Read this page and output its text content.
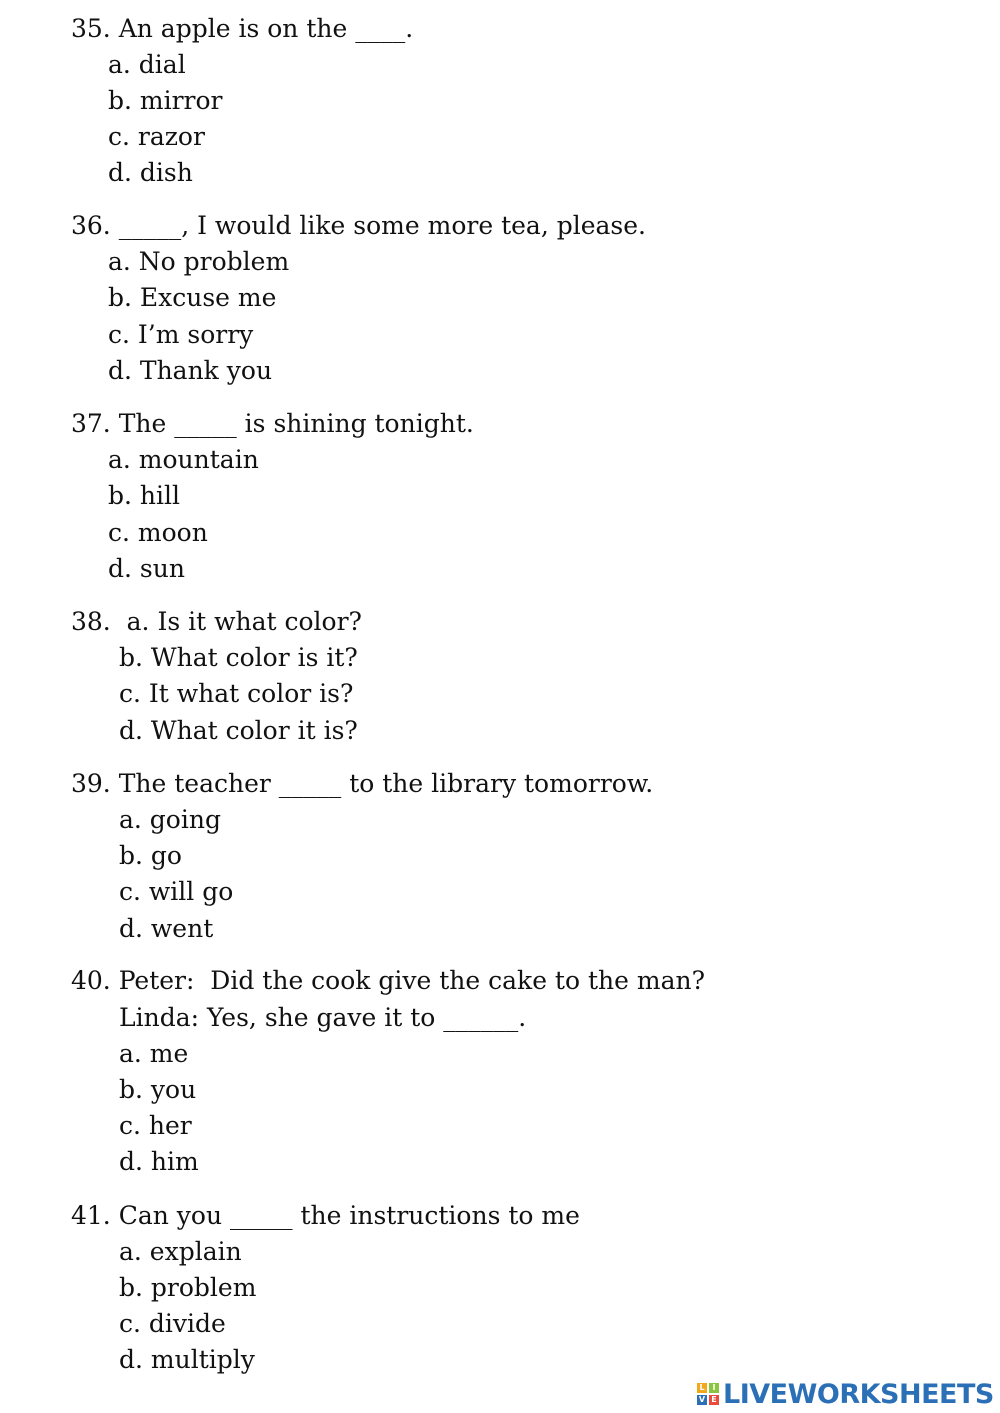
35. An apple is on the ____.
a. dial
b. mirror
c. razor
d. dish
36. _____, I would like some more tea, please.
a. No problem
b. Excuse me
c. I’m sorry
d. Thank you
37. The _____ is shining tonight.
a. mountain
b. hill
c. moon
d. sun
38.  a. Is it what color?
b. What color is it?
c. It what color is?
d. What color it is?
39. The teacher _____ to the library tomorrow.
a. going
b. go
c. will go
d. went
40. Peter:  Did the cook give the cake to the man?
Linda: Yes, she gave it to ______.
a. me
b. you
c. her
d. him
41. Can you _____ the instructions to me
a. explain
b. problem
c. divide
d. multiply
L I
V E LIVEWORKSHEETS
